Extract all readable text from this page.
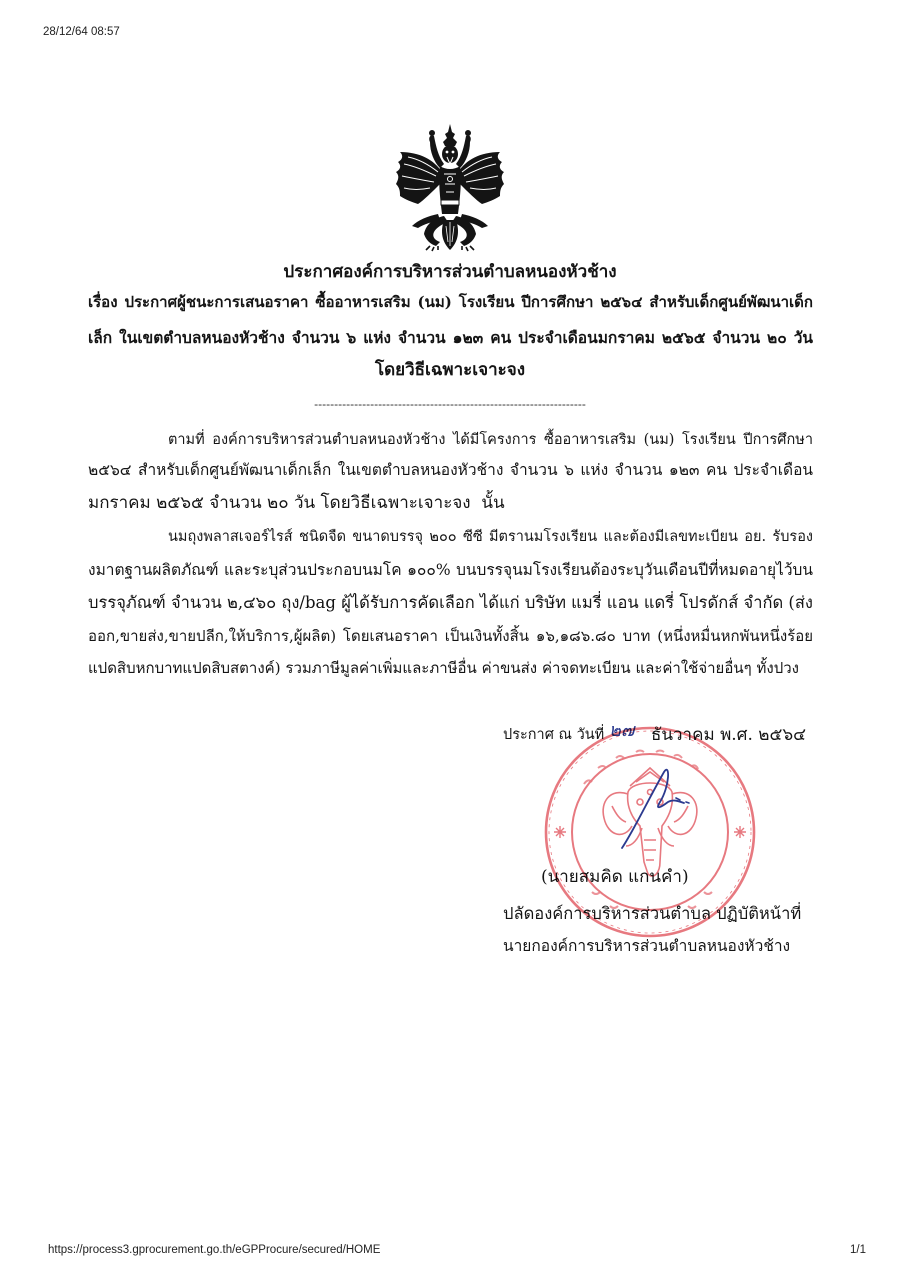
28/12/64 08:57
ประกาศองค์การบริหารส่วนตำบลหนองหัวช้าง
เรื่อง ประกาศผู้ชนะการเสนอราคา ซื้ออาหารเสริม (นม) โรงเรียน ปีการศึกษา ๒๕๖๔ สำหรับเด็กศูนย์พัฒนาเด็ก
เล็ก ในเขตตำบลหนองหัวช้าง จำนวน ๖ แห่ง จำนวน ๑๒๓ คน ประจำเดือนมกราคม ๒๕๖๕ จำนวน ๒๐ วัน
โดยวิธีเฉพาะเจาะจง
--------------------------------------------------------------------
ตามที่ องค์การบริหารส่วนตำบลหนองหัวช้าง ได้มีโครงการ ซื้ออาหารเสริม (นม) โรงเรียน ปีการศึกษา
๒๕๖๔ สำหรับเด็กศูนย์พัฒนาเด็กเล็ก ในเขตตำบลหนองหัวช้าง จำนวน ๖ แห่ง จำนวน ๑๒๓ คน ประจำเดือน
มกราคม ๒๕๖๕ จำนวน ๒๐ วัน โดยวิธีเฉพาะเจาะจง  นั้น
นมถุงพลาสเจอร์ไรส์ ชนิดจืด ขนาดบรรจุ ๒๐๐ ซีซี มีตรานมโรงเรียน และต้องมีเลขทะเบียน อย. รับรอง
งมาตฐานผลิตภัณฑ์ และระบุส่วนประกอบนมโค ๑๐๐% บนบรรจุนมโรงเรียนต้องระบุวันเดือนปีที่หมดอายุไว้บน
บรรจุภัณฑ์ จำนวน ๒,๔๖๐ ถุง/bag ผู้ได้รับการคัดเลือก ได้แก่ บริษัท แมรี่ แอน แดรี่ โปรดักส์ จำกัด (ส่ง
ออก,ขายส่ง,ขายปลีก,ให้บริการ,ผู้ผลิต) โดยเสนอราคา เป็นเงินทั้งสิ้น ๑๖,๑๘๖.๘๐ บาท (หนึ่งหมื่นหกพันหนึ่งร้อย
แปดสิบหกบาทแปดสิบสตางค์) รวมภาษีมูลค่าเพิ่มและภาษีอื่น ค่าขนส่ง ค่าจดทะเบียน และค่าใช้จ่ายอื่นๆ ทั้งปวง
ประกาศ ณ วันที่ ๒๗ ธันวาคม พ.ศ. ๒๕๖๔
(นายสมคิด แกนคำ)
ปลัดองค์การบริหารส่วนตำบล ปฏิบัติหน้าที่
นายกองค์การบริหารส่วนตำบลหนองหัวช้าง
https://process3.gprocurement.go.th/eGPProcure/secured/HOME	1/1
